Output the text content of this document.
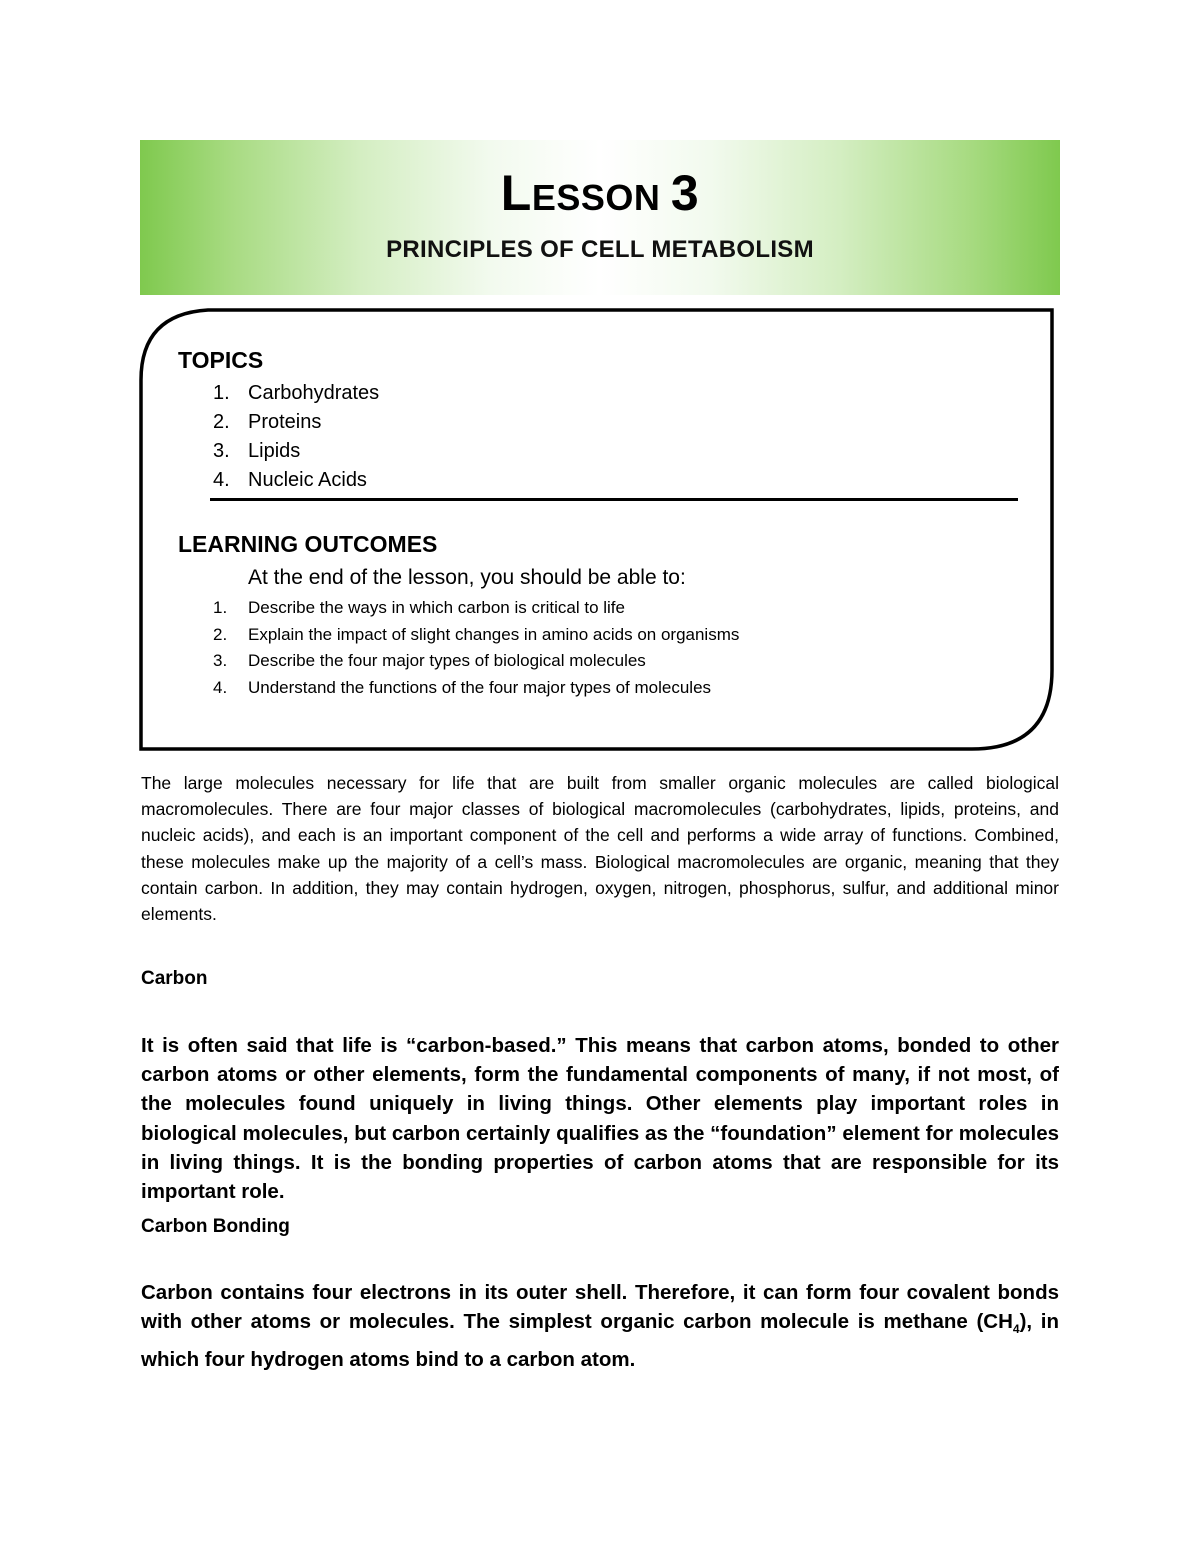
LESSON 3
PRINCIPLES OF CELL METABOLISM
TOPICS
1. Carbohydrates
2. Proteins
3. Lipids
4. Nucleic Acids
LEARNING OUTCOMES
At the end of the lesson, you should be able to:
1.	Describe the ways in which carbon is critical to life
2.	Explain the impact of slight changes in amino acids on organisms
3.	Describe the four major types of biological molecules
4.	Understand the functions of the four major types of molecules

The large molecules necessary for life that are built from smaller organic molecules are called biological macromolecules. There are four major classes of biological macromolecules (carbohydrates, lipids, proteins, and nucleic acids), and each is an important component of the cell and performs a wide array of functions. Combined, these molecules make up the majority of a cell’s mass. Biological macromolecules are organic, meaning that they contain carbon. In addition, they may contain hydrogen, oxygen, nitrogen, phosphorus, sulfur, and additional minor elements.

Carbon

It is often said that life is “carbon-based.” This means that carbon atoms, bonded to other carbon atoms or other elements, form the fundamental components of many, if not most, of the molecules found uniquely in living things. Other elements play important roles in biological molecules, but carbon certainly qualifies as the “foundation” element for molecules in living things. It is the bonding properties of carbon atoms that are responsible for its important role.

Carbon Bonding

Carbon contains four electrons in its outer shell. Therefore, it can form four covalent bonds with other atoms or molecules. The simplest organic carbon molecule is methane $(CH_4)$, in which four hydrogen atoms bind to a carbon atom.
